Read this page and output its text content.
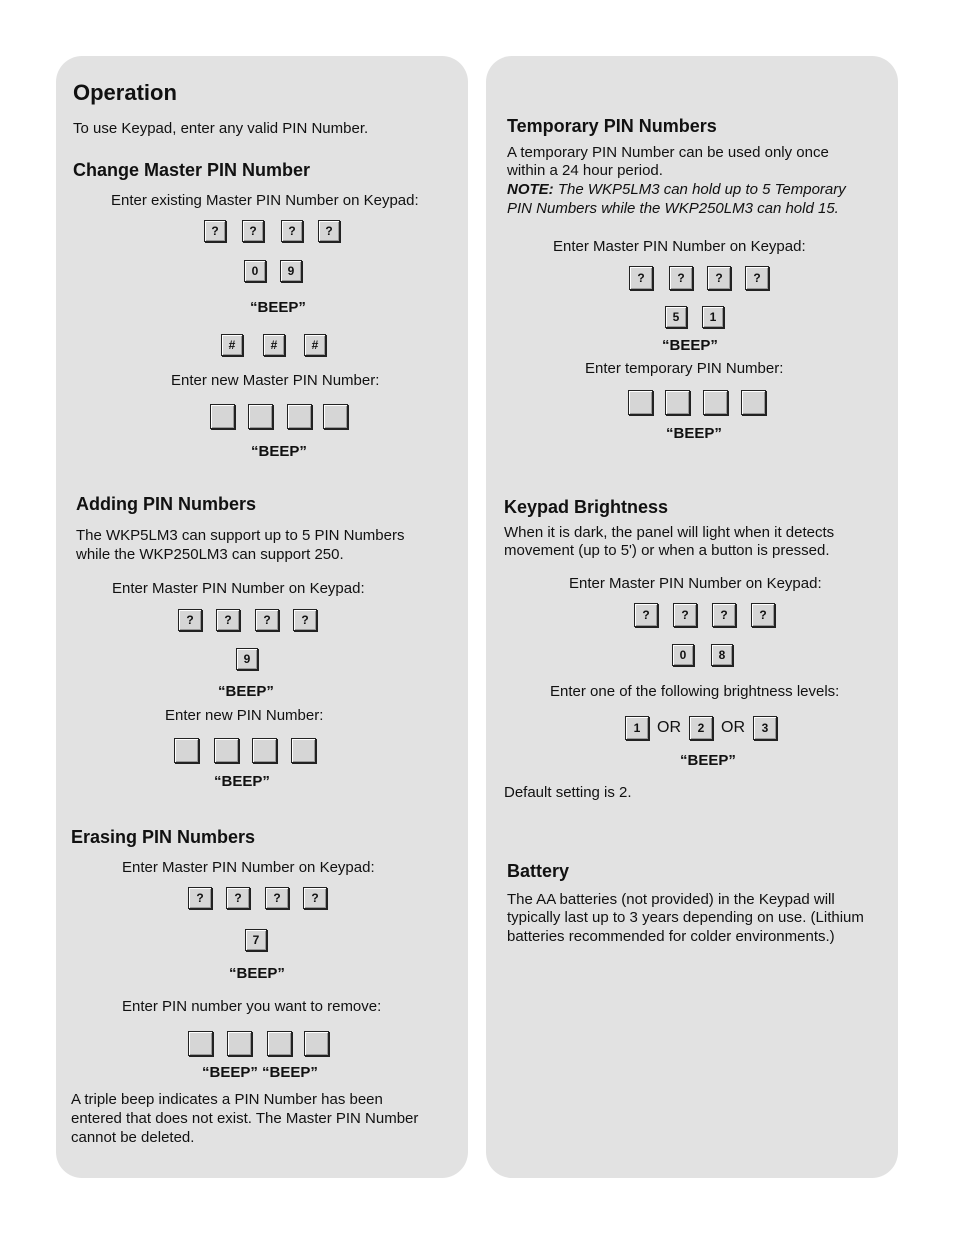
Operation
To use Keypad, enter any valid PIN Number.
Change Master PIN Number
Enter existing Master PIN Number on Keypad:
?	?	?	?
0	9
“BEEP”
#	#	#
Enter new Master PIN Number:
“BEEP”
Adding PIN Numbers
The WKP5LM3 can support up to 5 PIN Numbers
while the WKP250LM3 can support 250.
Enter Master PIN Number on Keypad:
?	?	?	?
9
“BEEP”
Enter new PIN Number:
“BEEP”
Erasing PIN Numbers
Enter Master PIN Number on Keypad:
?	?	?	?
7
“BEEP”
Enter PIN number you want to remove:
“BEEP” “BEEP”
A triple beep indicates a PIN Number has been
entered that does not exist. The Master PIN Number
cannot be deleted.
Temporary PIN Numbers
A temporary PIN Number can be used only once
within a 24 hour period.
NOTE: The WKP5LM3 can hold up to 5 Temporary
PIN Numbers while the WKP250LM3 can hold 15.
Enter Master PIN Number on Keypad:
?	?	?	?
5	1
“BEEP”
Enter temporary PIN Number:
“BEEP”
Keypad Brightness
When it is dark, the panel will light when it detects
movement (up to 5') or when a button is pressed.
Enter Master PIN Number on Keypad:
?	?	?	?
0	8
Enter one of the following brightness levels:
1	OR	2	OR	3
“BEEP”
Default setting is 2.
Battery
The AA batteries (not provided) in the Keypad will
typically last up to 3 years depending on use. (Lithium
batteries recommended for colder environments.)
